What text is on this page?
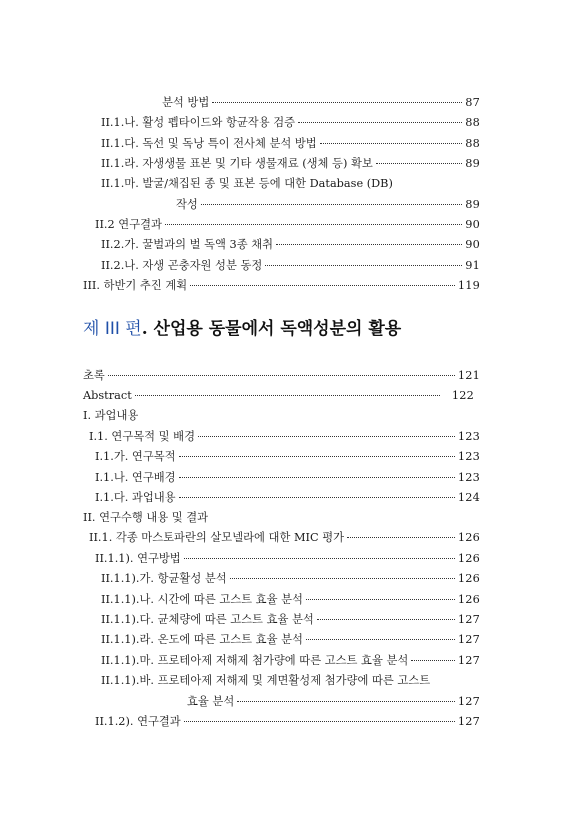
분석 방법	87
II.1.나. 활성 펩타이드와 항균작용 검증	88
II.1.다. 독선 및 독낭 특이 전사체 분석 방법	88
II.1.라. 자생생물 표본 및 기타 생물재료 (생체 등) 확보	89
II.1.마. 발굴/채집된 종 및 표본 등에 대한 Database (DB)
작성	89
II.2 연구결과	90
II.2.가. 꿀벌과의 벌 독액 3종 채취	90
II.2.나. 자생 곤충자원 성분 동정	91
III. 하반기 추진 계획	119
제 III 편. 산업용 동물에서 독액성분의 활용
초록	121
Abstract	122
I. 과업내용
I.1. 연구목적 및 배경	123
I.1.가. 연구목적	123
I.1.나. 연구배경	123
I.1.다. 과업내용	124
II. 연구수행 내용 및 결과
II.1. 각종 마스토파란의 살모넬라에 대한 MIC 평가	126
II.1.1). 연구방법	126
II.1.1).가. 항균활성 분석	126
II.1.1).나. 시간에 따른 고스트 효율 분석	126
II.1.1).다. 균체량에 따른 고스트 효율 분석	127
II.1.1).라. 온도에 따른 고스트 효율 분석	127
II.1.1).마. 프로테아제 저해제 첨가량에 따른 고스트 효율 분석	127
II.1.1).바. 프로테아제 저해제 및 계면활성제 첨가량에 따른 고스트
효율 분석	127
II.1.2). 연구결과	127
